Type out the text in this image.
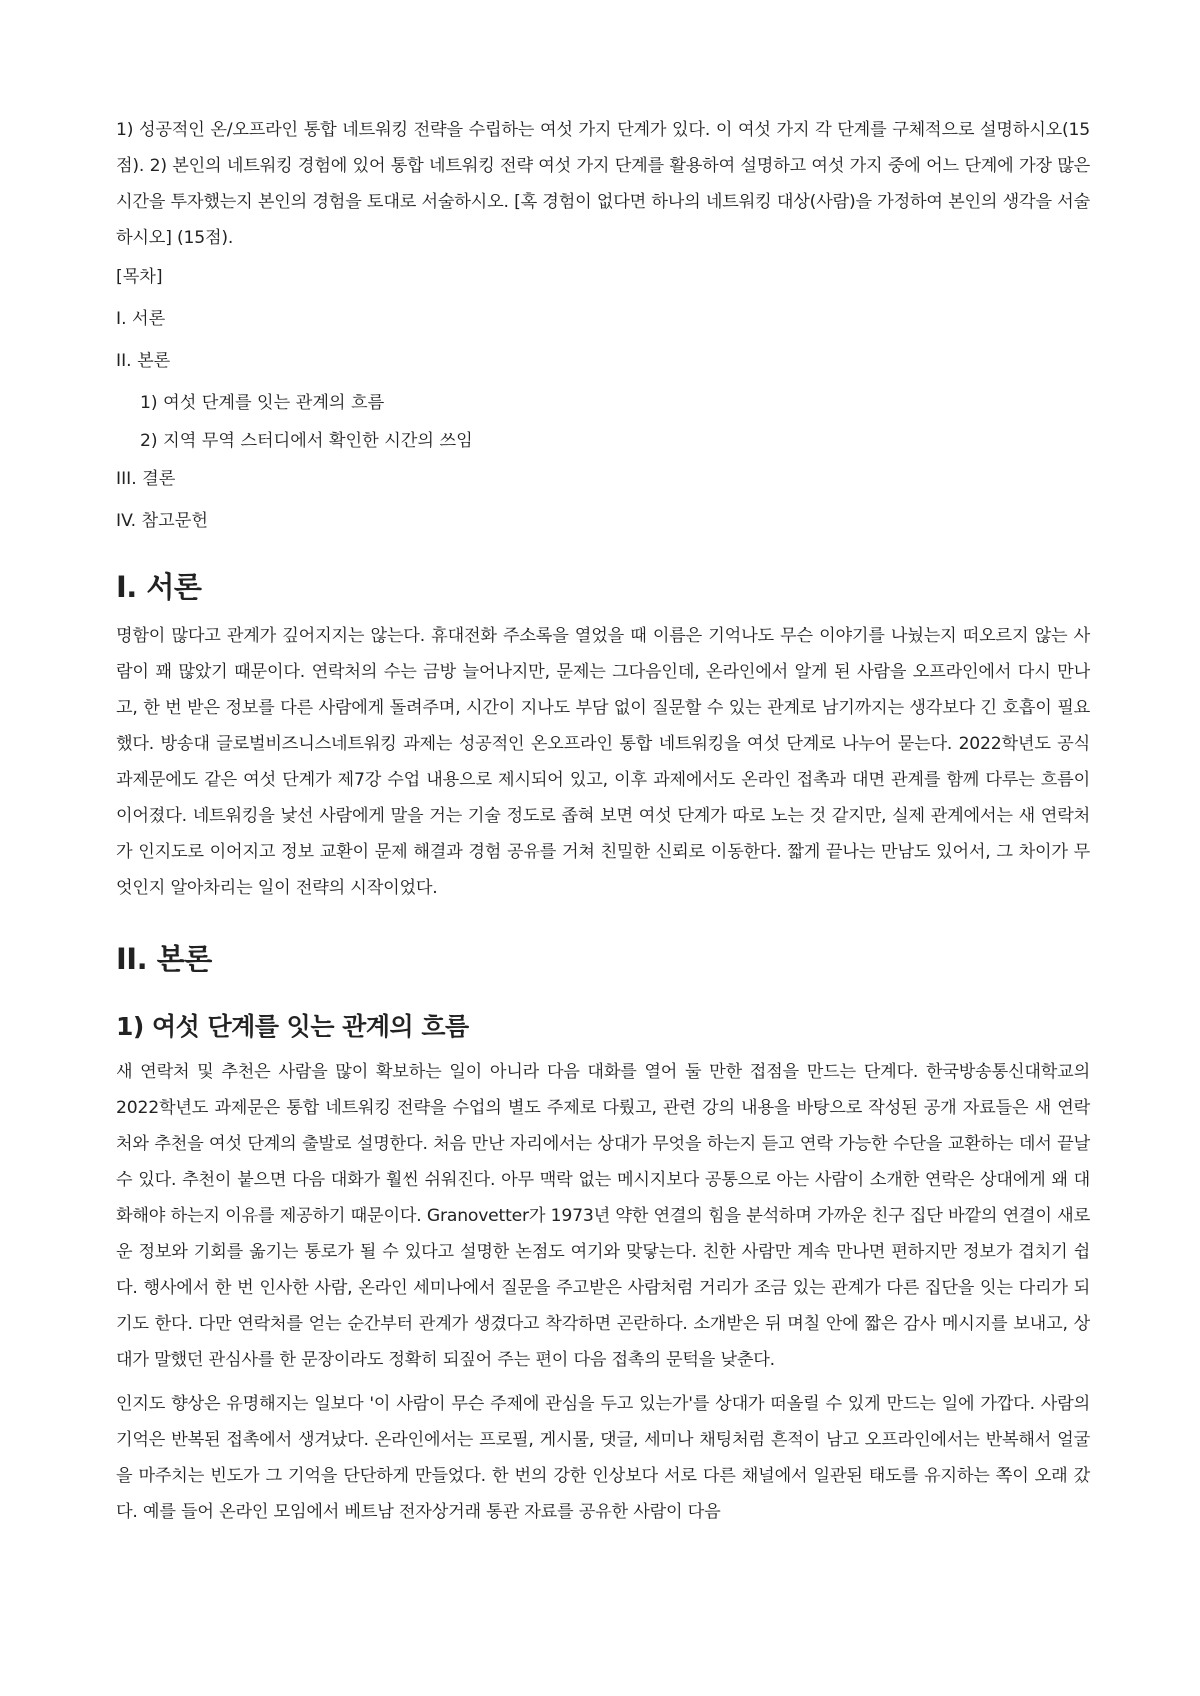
1) 성공적인 온/오프라인 통합 네트워킹 전략을 수립하는 여섯 가지 단계가 있다. 이 여섯 가지 각 단계를 구체적으로 설명하시오(15점). 2) 본인의 네트워킹 경험에 있어 통합 네트워킹 전략 여섯 가지 단계를 활용하여 설명하고 여섯 가지 중에 어느 단계에 가장 많은 시간을 투자했는지 본인의 경험을 토대로 서술하시오. [혹 경험이 없다면 하나의 네트워킹 대상(사람)을 가정하여 본인의 생각을 서술하시오] (15점).

[목차]
I. 서론
II. 본론
1) 여섯 단계를 잇는 관계의 흐름
2) 지역 무역 스터디에서 확인한 시간의 쓰임
III. 결론
IV. 참고문헌
I. 서론

명함이 많다고 관계가 깊어지지는 않는다. 휴대전화 주소록을 열었을 때 이름은 기억나도 무슨 이야기를 나눴는지 떠오르지 않는 사람이 꽤 많았기 때문이다. 연락처의 수는 금방 늘어나지만, 문제는 그다음인데, 온라인에서 알게 된 사람을 오프라인에서 다시 만나고, 한 번 받은 정보를 다른 사람에게 돌려주며, 시간이 지나도 부담 없이 질문할 수 있는 관계로 남기까지는 생각보다 긴 호흡이 필요했다. 방송대 글로벌비즈니스네트워킹 과제는 성공적인 온오프라인 통합 네트워킹을 여섯 단계로 나누어 묻는다. 2022학년도 공식 과제문에도 같은 여섯 단계가 제7강 수업 내용으로 제시되어 있고, 이후 과제에서도 온라인 접촉과 대면 관계를 함께 다루는 흐름이 이어졌다. 네트워킹을 낯선 사람에게 말을 거는 기술 정도로 좁혀 보면 여섯 단계가 따로 노는 것 같지만, 실제 관계에서는 새 연락처가 인지도로 이어지고 정보 교환이 문제 해결과 경험 공유를 거쳐 친밀한 신뢰로 이동한다. 짧게 끝나는 만남도 있어서, 그 차이가 무엇인지 알아차리는 일이 전략의 시작이었다.

II. 본론
1) 여섯 단계를 잇는 관계의 흐름

새 연락처 및 추천은 사람을 많이 확보하는 일이 아니라 다음 대화를 열어 둘 만한 접점을 만드는 단계다. 한국방송통신대학교의 2022학년도 과제문은 통합 네트워킹 전략을 수업의 별도 주제로 다뤘고, 관련 강의 내용을 바탕으로 작성된 공개 자료들은 새 연락처와 추천을 여섯 단계의 출발로 설명한다. 처음 만난 자리에서는 상대가 무엇을 하는지 듣고 연락 가능한 수단을 교환하는 데서 끝날 수 있다. 추천이 붙으면 다음 대화가 훨씬 쉬워진다. 아무 맥락 없는 메시지보다 공통으로 아는 사람이 소개한 연락은 상대에게 왜 대화해야 하는지 이유를 제공하기 때문이다. Granovetter가 1973년 약한 연결의 힘을 분석하며 가까운 친구 집단 바깥의 연결이 새로운 정보와 기회를 옮기는 통로가 될 수 있다고 설명한 논점도 여기와 맞닿는다. 친한 사람만 계속 만나면 편하지만 정보가 겹치기 쉽다. 행사에서 한 번 인사한 사람, 온라인 세미나에서 질문을 주고받은 사람처럼 거리가 조금 있는 관계가 다른 집단을 잇는 다리가 되기도 한다. 다만 연락처를 얻는 순간부터 관계가 생겼다고 착각하면 곤란하다. 소개받은 뒤 며칠 안에 짧은 감사 메시지를 보내고, 상대가 말했던 관심사를 한 문장이라도 정확히 되짚어 주는 편이 다음 접촉의 문턱을 낮춘다.

인지도 향상은 유명해지는 일보다 '이 사람이 무슨 주제에 관심을 두고 있는가'를 상대가 떠올릴 수 있게 만드는 일에 가깝다. 사람의 기억은 반복된 접촉에서 생겨났다. 온라인에서는 프로필, 게시물, 댓글, 세미나 채팅처럼 흔적이 남고 오프라인에서는 반복해서 얼굴을 마주치는 빈도가 그 기억을 단단하게 만들었다. 한 번의 강한 인상보다 서로 다른 채널에서 일관된 태도를 유지하는 쪽이 오래 갔다. 예를 들어 온라인 모임에서 베트남 전자상거래 통관 자료를 공유한 사람이 다음
